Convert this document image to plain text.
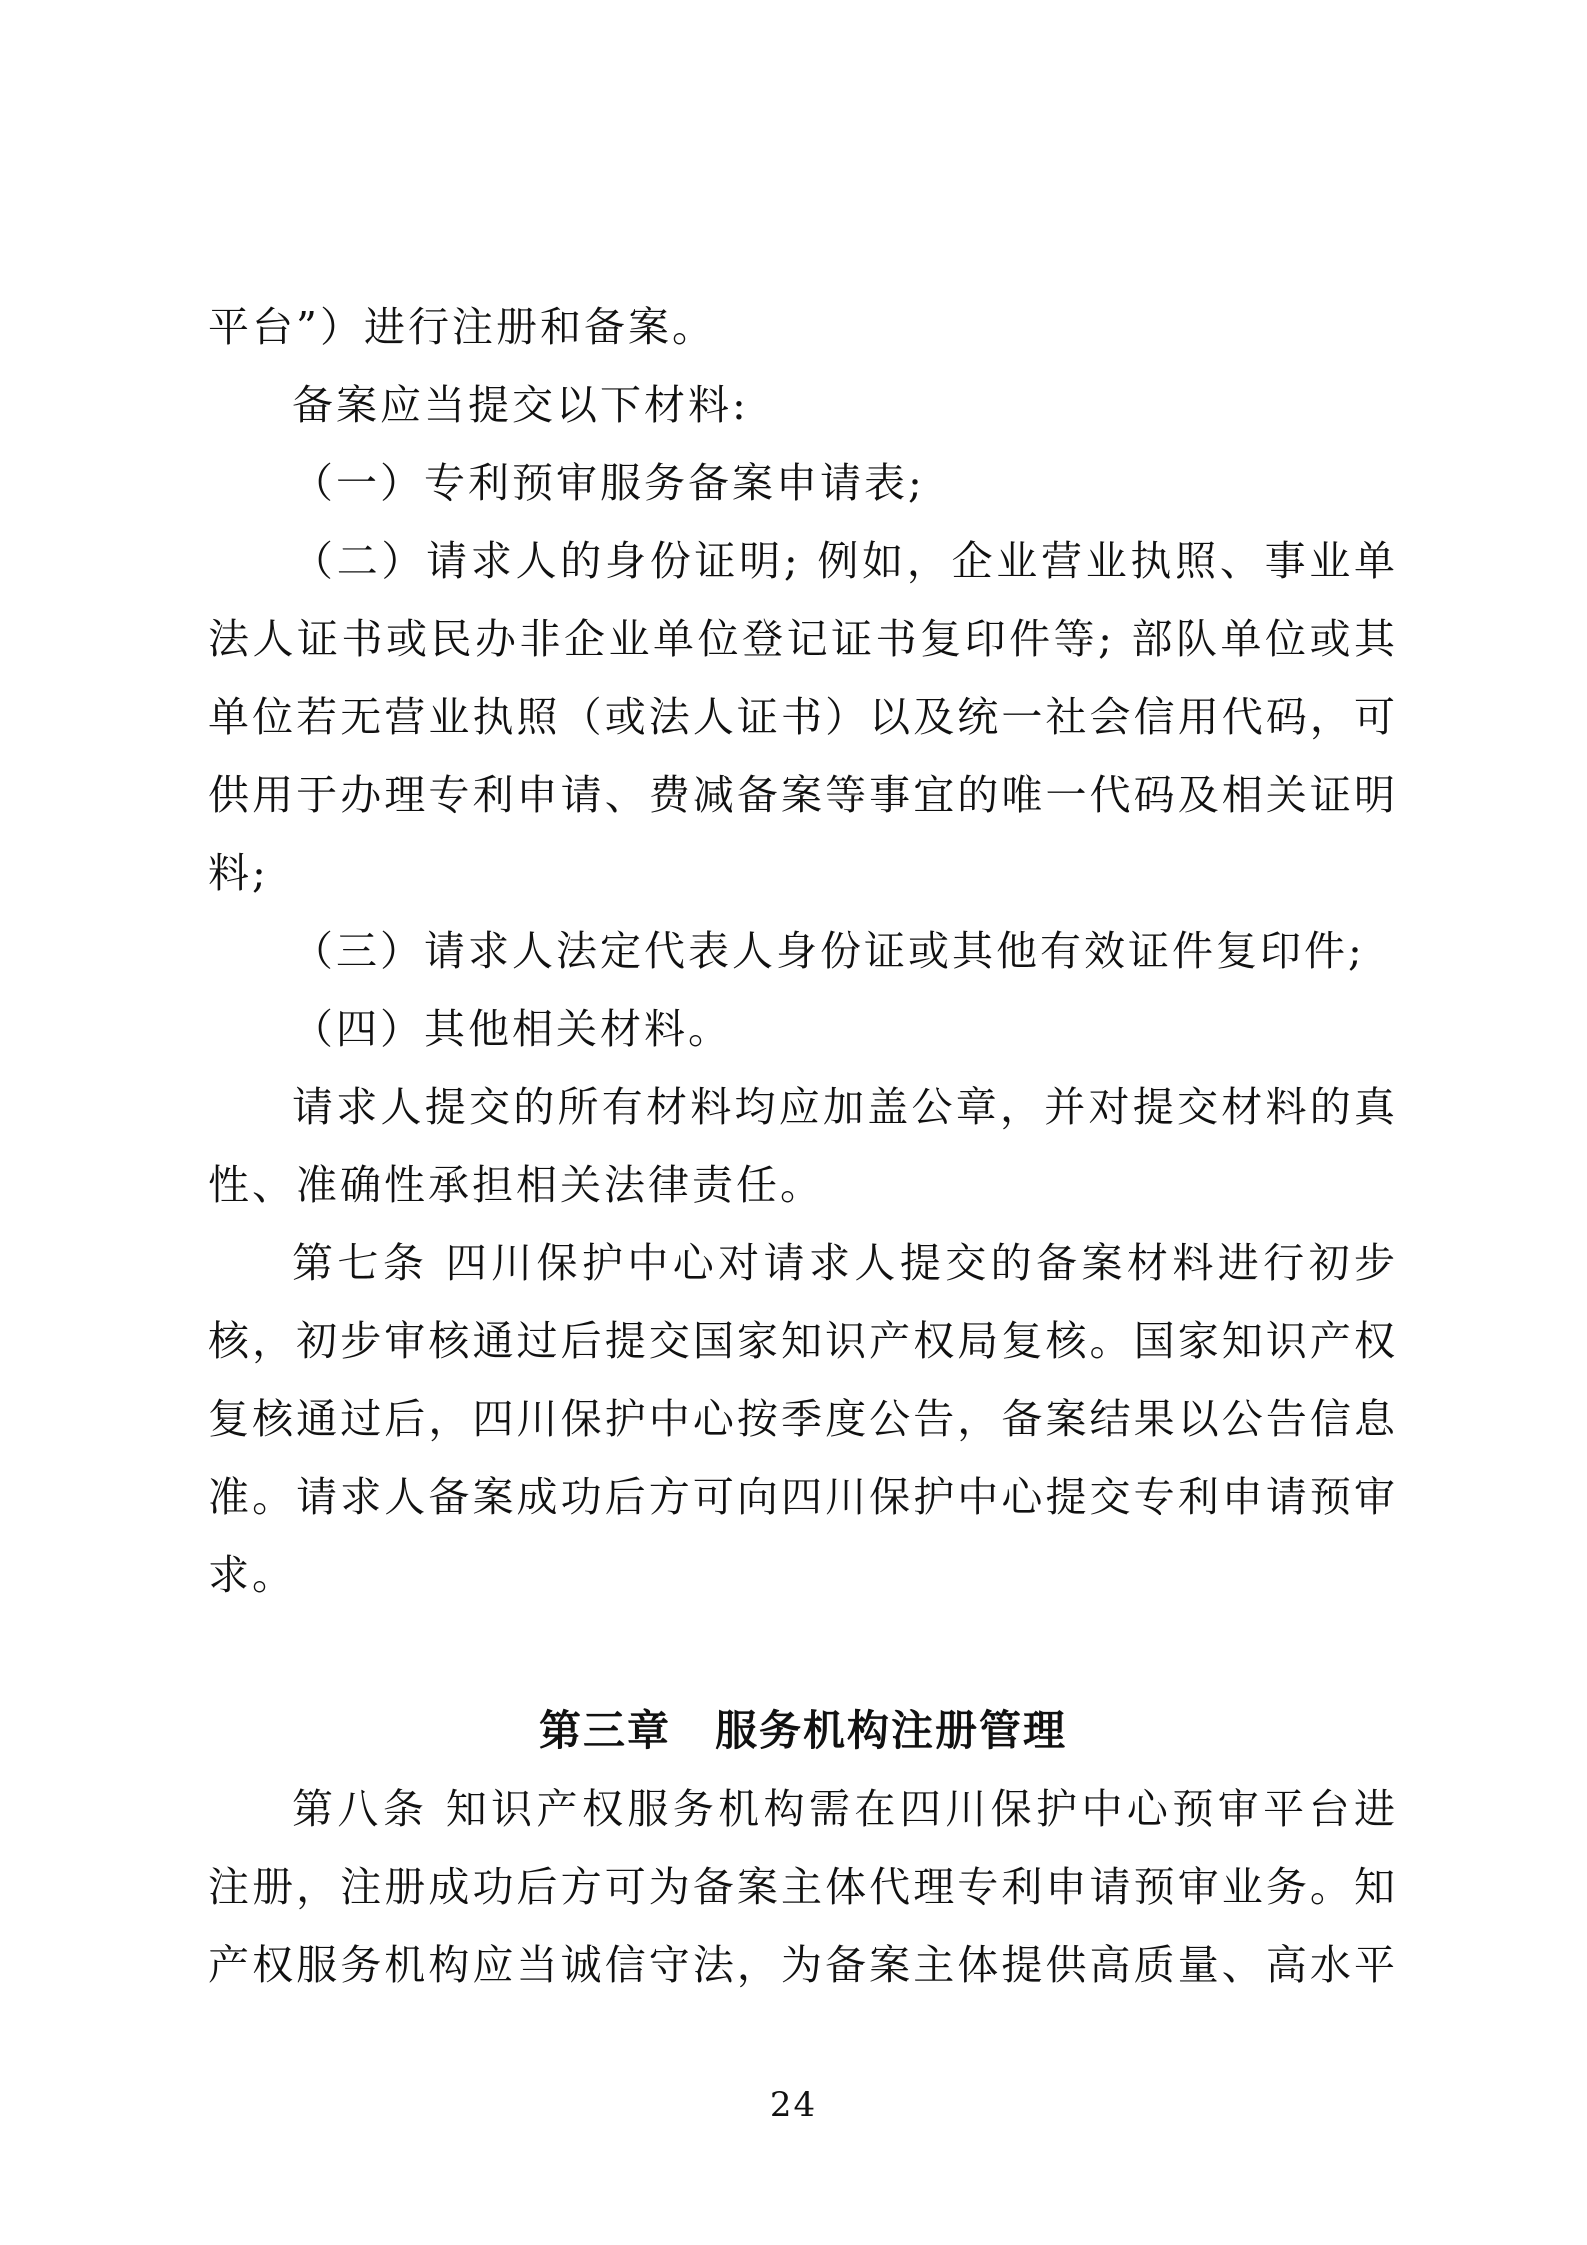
平台”）进行注册和备案。
备案应当提交以下材料:
（一）专利预审服务备案申请表;
（二）请求人的身份证明; 例如，企业营业执照、事业单
法人证书或民办非企业单位登记证书复印件等; 部队单位或其
单位若无营业执照（或法人证书）以及统一社会信用代码，可
供用于办理专利申请、费减备案等事宜的唯一代码及相关证明
料;
（三）请求人法定代表人身份证或其他有效证件复印件;
（四）其他相关材料。
请求人提交的所有材料均应加盖公章，并对提交材料的真
性、准确性承担相关法律责任。
第七条 四川保护中心对请求人提交的备案材料进行初步
核，初步审核通过后提交国家知识产权局复核。国家知识产权
复核通过后，四川保护中心按季度公告，备案结果以公告信息
准。请求人备案成功后方可向四川保护中心提交专利申请预审
求。
第三章　服务机构注册管理
第八条 知识产权服务机构需在四川保护中心预审平台进
注册，注册成功后方可为备案主体代理专利申请预审业务。知
产权服务机构应当诚信守法，为备案主体提供高质量、高水平
24
